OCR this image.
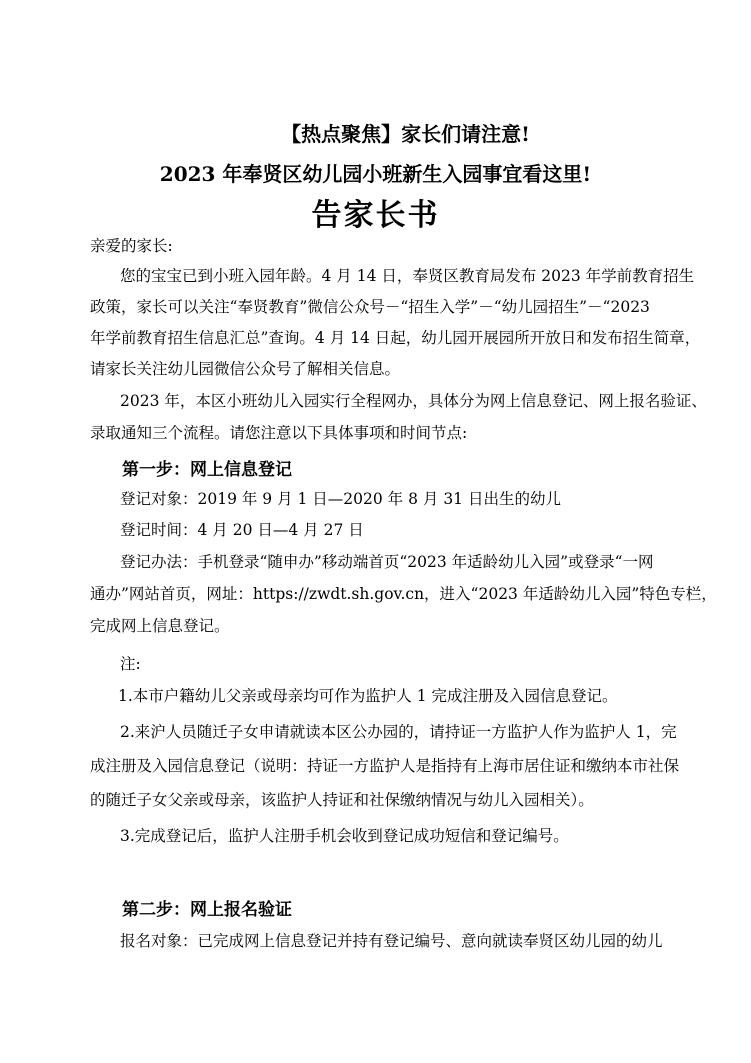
【热点聚焦】家长们请注意!
2023 年奉贤区幼儿园小班新生入园事宜看这里!
告家长书
亲爱的家长:
您的宝宝已到小班入园年龄。4 月 14 日，奉贤区教育局发布 2023 年学前教育招生
政策，家长可以关注“奉贤教育”微信公众号－“招生入学”－“幼儿园招生”－“2023
年学前教育招生信息汇总”查询。4 月 14 日起，幼儿园开展园所开放日和发布招生简章，
请家长关注幼儿园微信公众号了解相关信息。
2023 年，本区小班幼儿入园实行全程网办，具体分为网上信息登记、网上报名验证、
录取通知三个流程。请您注意以下具体事项和时间节点:
第一步：网上信息登记
登记对象：2019 年 9 月 1 日—2020 年 8 月 31 日出生的幼儿
登记时间：4 月 20 日—4 月 27 日
登记办法：手机登录“随申办”移动端首页“2023 年适龄幼儿入园”或登录“一网
通办”网站首页，网址：https://zwdt.sh.gov.cn，进入“2023 年适龄幼儿入园”特色专栏，
完成网上信息登记。
注:
1.本市户籍幼儿父亲或母亲均可作为监护人 1 完成注册及入园信息登记。
2.来沪人员随迁子女申请就读本区公办园的，请持证一方监护人作为监护人 1，完
成注册及入园信息登记（说明：持证一方监护人是指持有上海市居住证和缴纳本市社保
的随迁子女父亲或母亲，该监护人持证和社保缴纳情况与幼儿入园相关）。
3.完成登记后，监护人注册手机会收到登记成功短信和登记编号。
第二步：网上报名验证
报名对象：已完成网上信息登记并持有登记编号、意向就读奉贤区幼儿园的幼儿
